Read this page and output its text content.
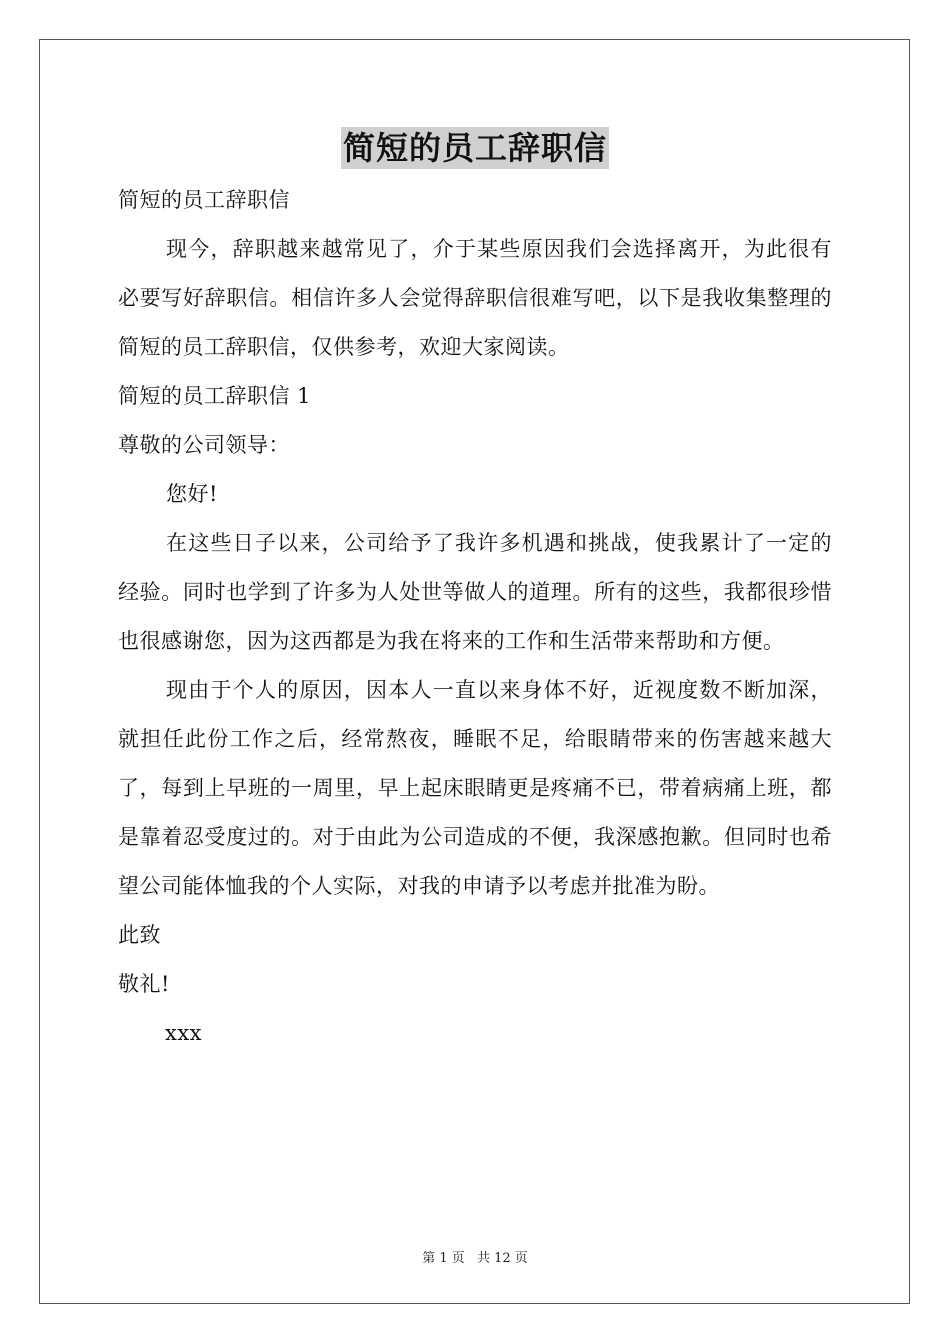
简短的员工辞职信

简短的员工辞职信

现今，辞职越来越常见了，介于某些原因我们会选择离开，为此很有必要写好辞职信。相信许多人会觉得辞职信很难写吧，以下是我收集整理的简短的员工辞职信，仅供参考，欢迎大家阅读。

简短的员工辞职信 1

尊敬的公司领导：

您好!

在这些日子以来，公司给予了我许多机遇和挑战，使我累计了一定的经验。同时也学到了许多为人处世等做人的道理。所有的这些，我都很珍惜也很感谢您，因为这西都是为我在将来的工作和生活带来帮助和方便。

现由于个人的原因，因本人一直以来身体不好，近视度数不断加深，就担任此份工作之后，经常熬夜，睡眠不足，给眼睛带来的伤害越来越大了，每到上早班的一周里，早上起床眼睛更是疼痛不已，带着病痛上班，都是靠着忍受度过的。对于由此为公司造成的不便，我深感抱歉。但同时也希望公司能体恤我的个人实际，对我的申请予以考虑并批准为盼。

此致

敬礼!

xxx

第 1 页 共 12 页
